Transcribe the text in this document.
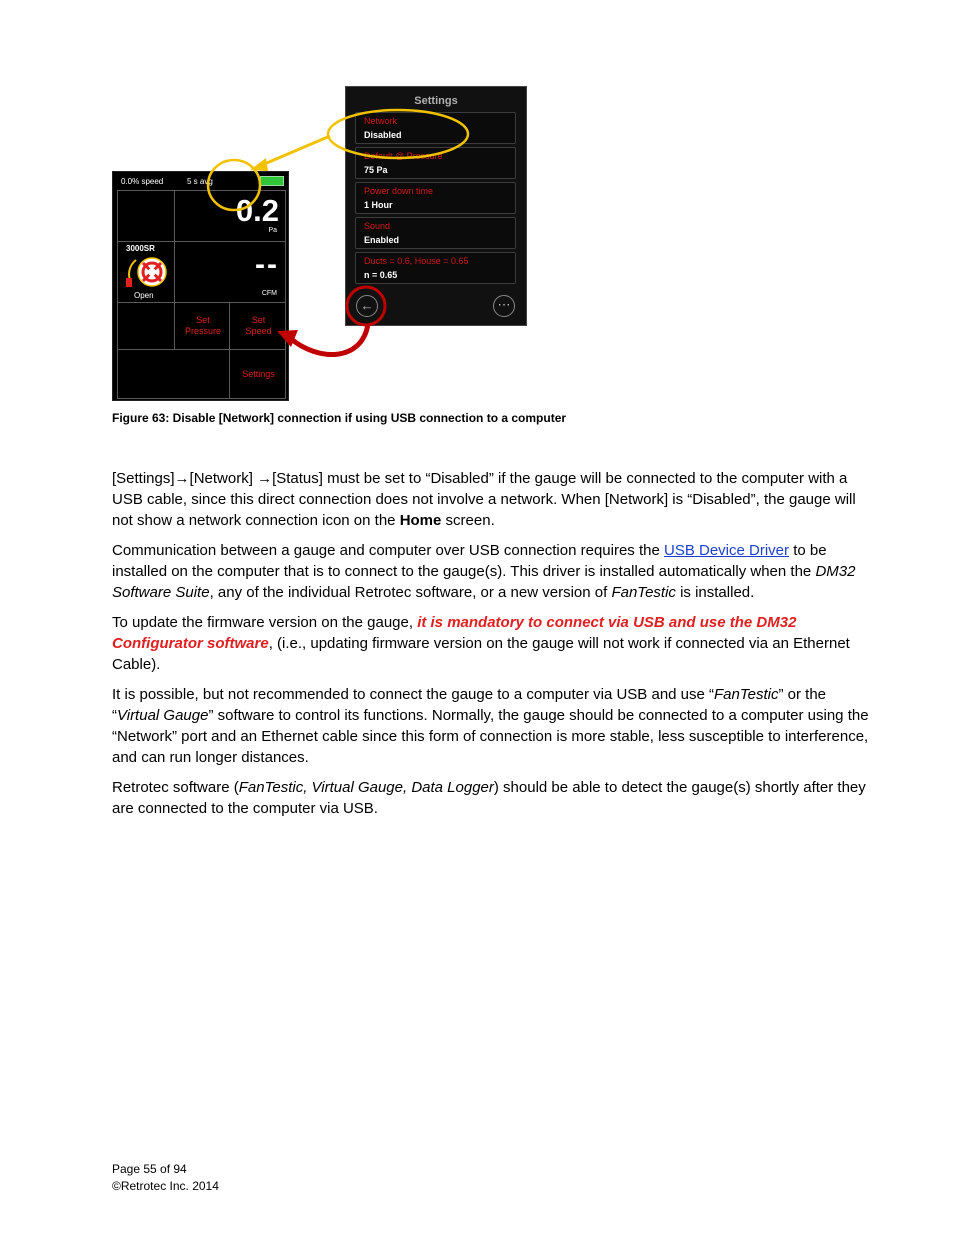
0.0% speed	5 s avg
0.2
Pa
3000SR
Open
--
CFM
Set
Pressure
Set
Speed
Settings
Settings
Network
Disabled
Default @ Pressure
75 Pa
Power down time
1 Hour
Sound
Enabled
Ducts = 0.6, House = 0.65
n = 0.65
←	⋯
Figure 63: Disable [Network] connection if using USB connection to a computer
[Settings]→[Network] →[Status] must be set to “Disabled” if the gauge will be connected to the computer with a USB cable, since this direct connection does not involve a network. When [Network] is “Disabled”, the gauge will not show a network connection icon on the Home screen.
Communication between a gauge and computer over USB connection requires the USB Device Driver to be installed on the computer that is to connect to the gauge(s). This driver is installed automatically when the DM32 Software Suite, any of the individual Retrotec software, or a new version of FanTestic is installed.
To update the firmware version on the gauge, it is mandatory to connect via USB and use the DM32 Configurator software, (i.e., updating firmware version on the gauge will not work if connected via an Ethernet Cable).
It is possible, but not recommended to connect the gauge to a computer via USB and use “FanTestic” or the “Virtual Gauge” software to control its functions. Normally, the gauge should be connected to a computer using the “Network” port and an Ethernet cable since this form of connection is more stable, less susceptible to interference, and can run longer distances.
Retrotec software (FanTestic, Virtual Gauge, Data Logger) should be able to detect the gauge(s) shortly after they are connected to the computer via USB.
Page 55 of 94
©Retrotec Inc. 2014
